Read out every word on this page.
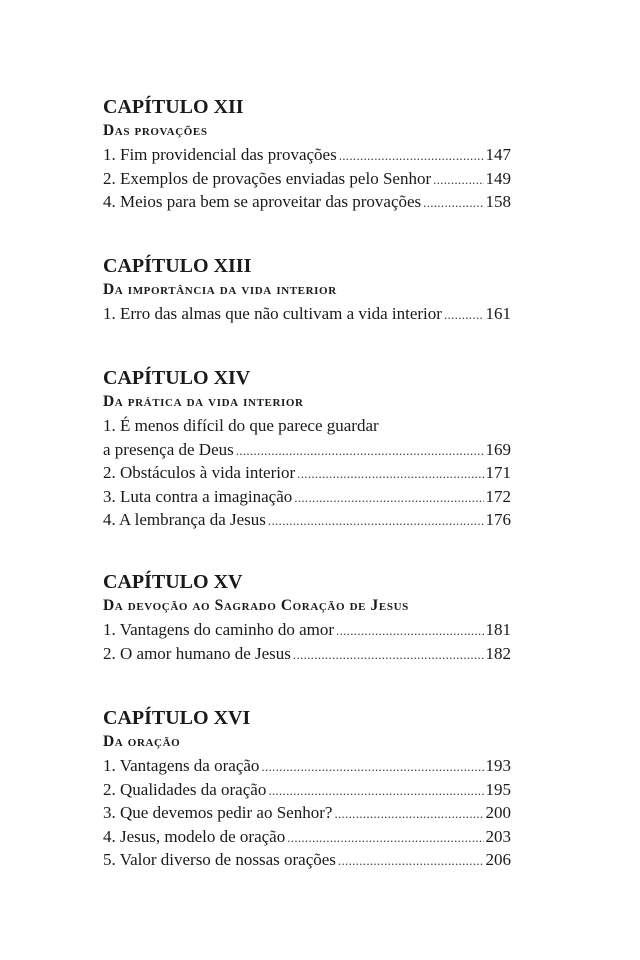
CAPÍTULO XII
Das provações
1. Fim providencial das provações .....	147
2. Exemplos de provações enviadas pelo Senhor .....	149
4. Meios para bem se aproveitar das provações .....	158
CAPÍTULO XIII
Da importância da vida interior
1. Erro das almas que não cultivam a vida interior .....	161
CAPÍTULO XIV
Da prática da vida interior
1. É menos difícil do que parece guardar
a presença de Deus .....	169
2. Obstáculos à vida interior .....	171
3. Luta contra a imaginação .....	172
4. A lembrança da Jesus .....	176
CAPÍTULO XV
Da devoção ao Sagrado Coração de Jesus
1. Vantagens do caminho do amor .....	181
2. O amor humano de Jesus .....	182
CAPÍTULO XVI
Da oração
1. Vantagens da oração .....	193
2. Qualidades da oração .....	195
3. Que devemos pedir ao Senhor? .....	200
4. Jesus, modelo de oração .....	203
5. Valor diverso de nossas orações .....	206
